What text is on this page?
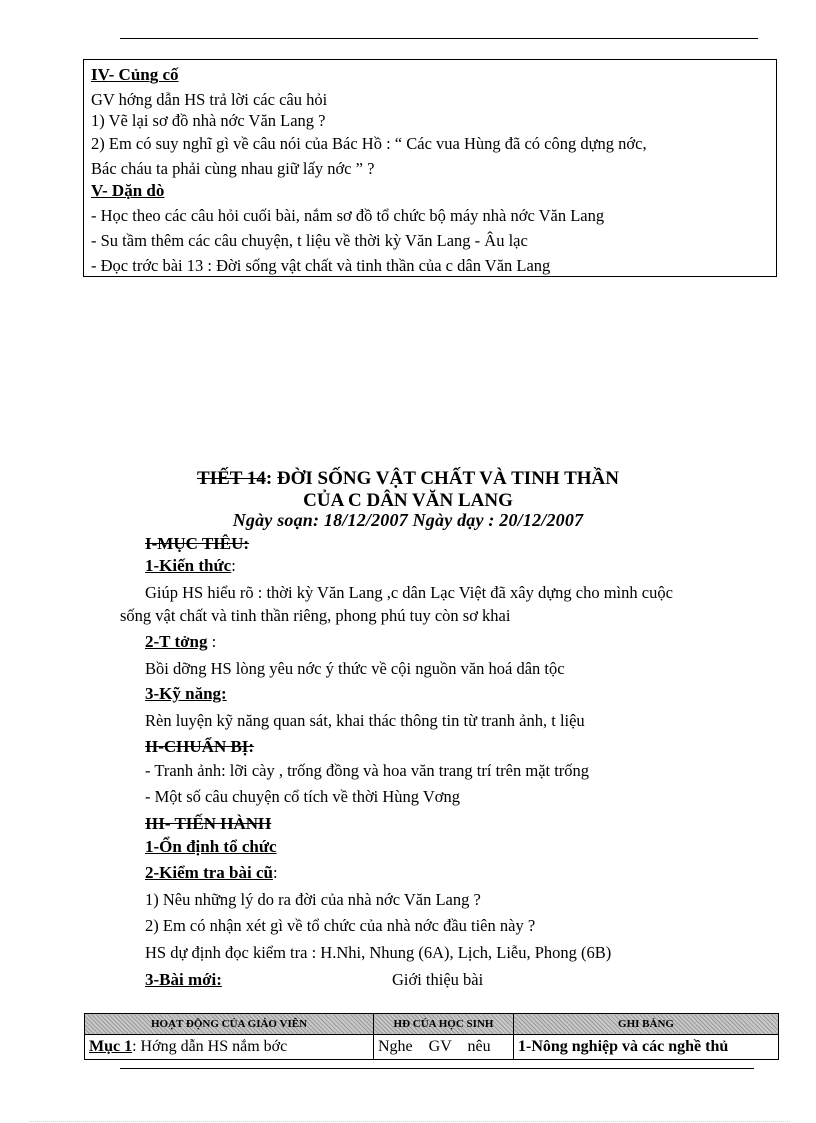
IV- Củng cố
GV hớng dẫn HS trả lời các câu hỏi
1) Vẽ lại sơ đồ nhà nớc Văn Lang ?
2) Em có suy nghĩ gì về câu nói của Bác Hồ : “ Các vua Hùng đã có công dựng nớc,
Bác cháu ta phải cùng nhau giữ lấy nớc ” ?
V- Dặn dò
- Học theo các câu hỏi cuối bài, nắm sơ đồ tổ chức bộ máy nhà nớc Văn Lang
- Su tầm thêm các câu chuyện, t liệu về thời kỳ Văn Lang - Âu lạc
- Đọc trớc bài 13 : Đời sống vật chất và tinh thần của c dân Văn Lang
TIẾT 14: ĐỜI SỐNG VẬT CHẤT VÀ TINH THẦN
CỦA C DÂN VĂN LANG
Ngày soạn: 18/12/2007 Ngày dạy : 20/12/2007
I-MỤC TIÊU:
1-Kiến thức:
Giúp HS hiểu rõ : thời kỳ Văn Lang ,c dân Lạc Việt đã xây dựng cho mình cuộc
sống vật chất và tinh thần riêng, phong phú tuy còn sơ khai
2-T tởng :
Bồi dỡng HS lòng yêu nớc ý thức về cội nguồn văn hoá dân tộc
3-Kỹ năng:
Rèn luyện kỹ năng quan sát, khai thác thông tin từ tranh ảnh, t liệu
II-CHUẨN BỊ:
- Tranh ảnh: lỡi cày , trống đồng và hoa văn trang trí trên mặt trống
- Một số câu chuyện cổ tích về thời Hùng Vơng
III- TIẾN HÀNH
1-Ổn định tổ chức
2-Kiểm tra bài cũ:
1) Nêu những lý do ra đời của nhà nớc Văn Lang ?
2) Em có nhận xét gì về tổ chức của nhà nớc đầu tiên này ?
HS dự định đọc kiểm tra : H.Nhi, Nhung (6A), Lịch, Liễu, Phong (6B)
3-Bài mới:	Giới thiệu bài
HOẠT ĐỘNG CỦA GIÁO VIÊN	HĐ CỦA HỌC SINH	GHI BẢNG
Mục 1: Hớng dẫn HS nắm bớc	Nghe    GV    nêu	1-Nông nghiệp và các nghề thủ
